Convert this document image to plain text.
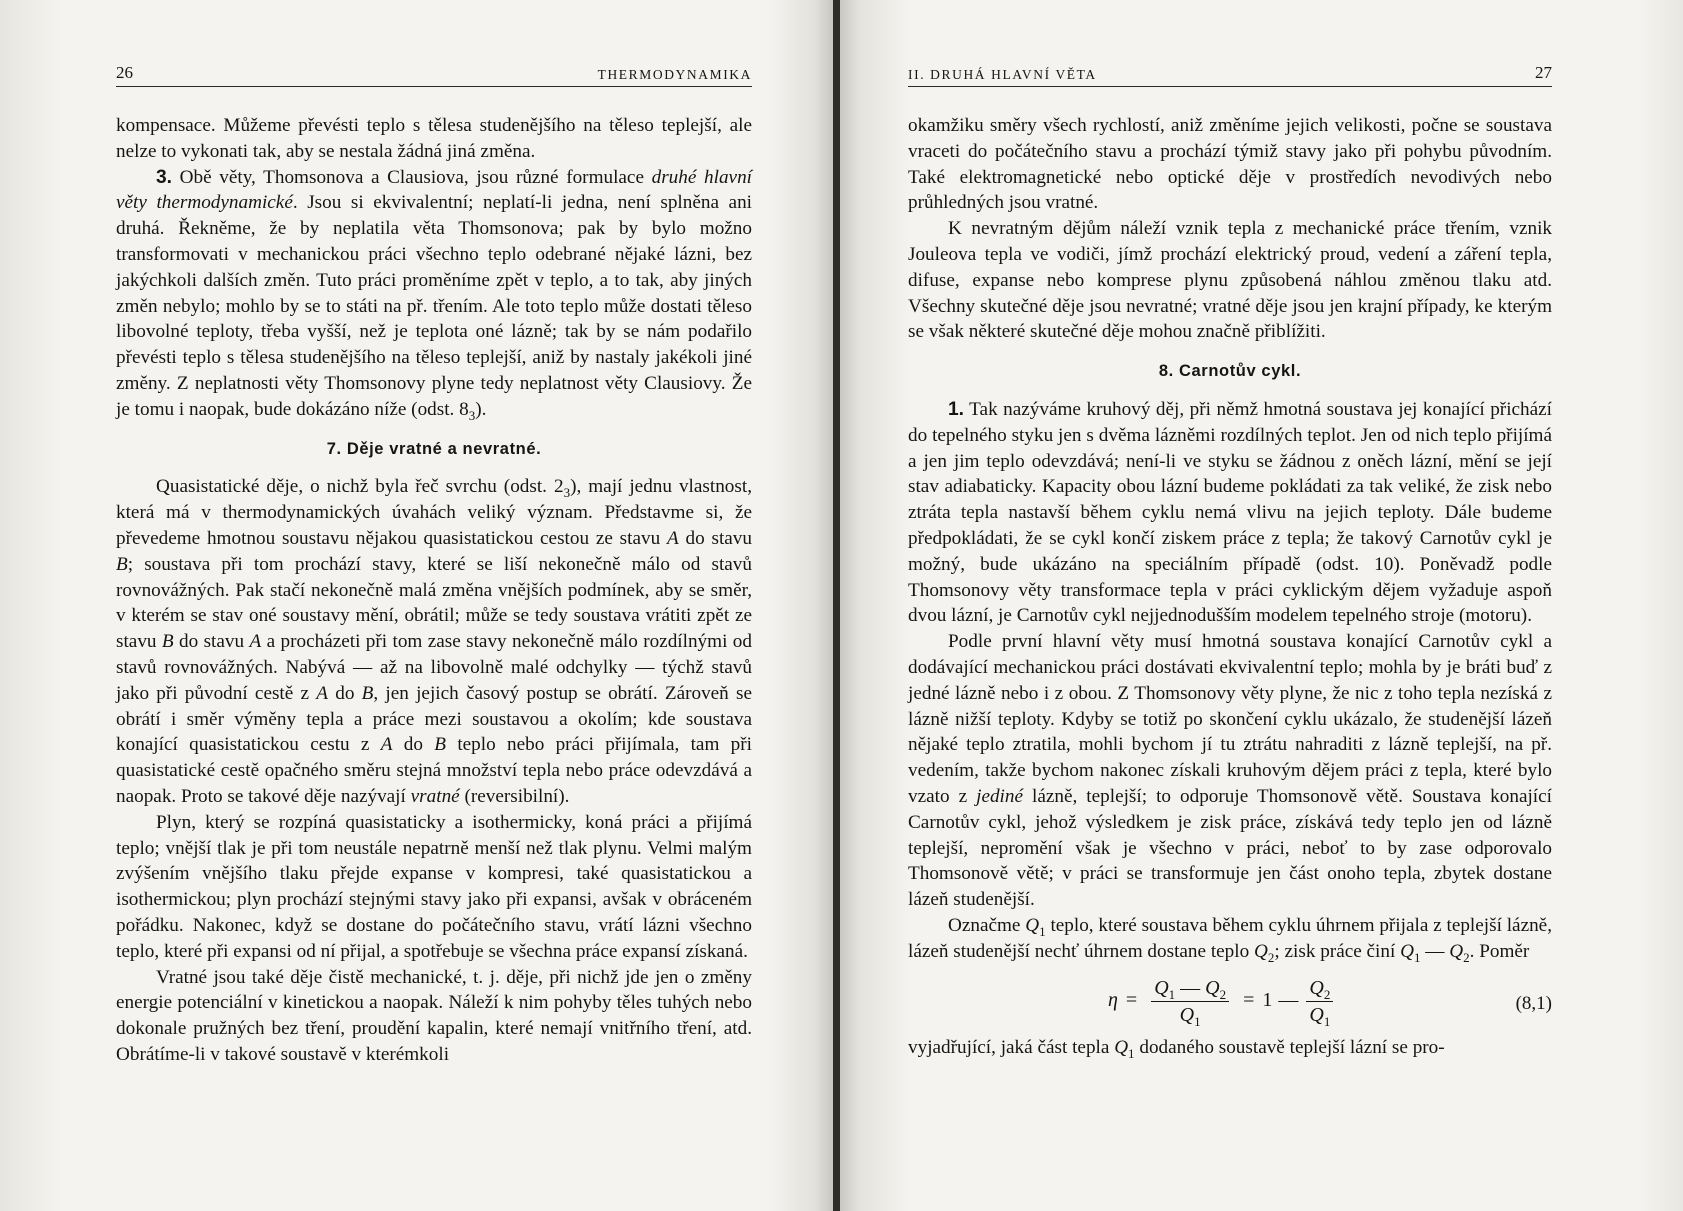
26	THERMODYNAMIKA

kompensace. Můžeme převésti teplo s tělesa studenějšího na těleso teplejší, ale nelze to vykonati tak, aby se nestala žádná jiná změna.

3. Obě věty, Thomsonova a Clausiova, jsou různé formulace druhé hlavní věty thermodynamické. Jsou si ekvivalentní; neplatí-li jedna, není splněna ani druhá. Řekněme, že by neplatila věta Thomsonova; pak by bylo možno transformovati v mechanickou práci všechno teplo odebrané nějaké lázni, bez jakýchkoli dalších změn. Tuto práci proměníme zpět v teplo, a to tak, aby jiných změn nebylo; mohlo by se to státi na př. třením. Ale toto teplo může dostati těleso libovolné teploty, třeba vyšší, než je teplota oné lázně; tak by se nám podařilo převésti teplo s tělesa studenějšího na těleso teplejší, aniž by nastaly jakékoli jiné změny. Z neplatnosti věty Thomsonovy plyne tedy neplatnost věty Clausiovy. Že je tomu i naopak, bude dokázáno níže (odst. $8_3$).

7. Děje vratné a nevratné.

Quasistatické děje, o nichž byla řeč svrchu (odst. $2_3$), mají jednu vlastnost, která má v thermodynamických úvahách veliký význam. Představme si, že převedeme hmotnou soustavu nějakou quasistatickou cestou ze stavu A do stavu B; soustava při tom prochází stavy, které se liší nekonečně málo od stavů rovnovážných. Pak stačí nekonečně malá změna vnějších podmínek, aby se směr, v kterém se stav oné soustavy mění, obrátil; může se tedy soustava vrátiti zpět ze stavu B do stavu A a procházeti při tom zase stavy nekonečně málo rozdílnými od stavů rovnovážných. Nabývá — až na libovolně malé odchylky — týchž stavů jako při původní cestě z A do B, jen jejich časový postup se obrátí. Zároveň se obrátí i směr výměny tepla a práce mezi soustavou a okolím; kde soustava konající quasistatickou cestu z A do B teplo nebo práci přijímala, tam při quasistatické cestě opačného směru stejná množství tepla nebo práce odevzdává a naopak. Proto se takové děje nazývají vratné (reversibilní).

Plyn, který se rozpíná quasistaticky a isothermicky, koná práci a přijímá teplo; vnější tlak je při tom neustále nepatrně menší než tlak plynu. Velmi malým zvýšením vnějšího tlaku přejde expanse v kompresi, také quasistatickou a isothermickou; plyn prochází stejnými stavy jako při expansi, avšak v obráceném pořádku. Nakonec, když se dostane do počátečního stavu, vrátí lázni všechno teplo, které při expansi od ní přijal, a spotřebuje se všechna práce expansí získaná.

Vratné jsou také děje čistě mechanické, t. j. děje, při nichž jde jen o změny energie potenciální v kinetickou a naopak. Náleží k nim pohyby těles tuhých nebo dokonale pružných bez tření, proudění kapalin, které nemají vnitřního tření, atd. Obrátíme-li v takové soustavě v kterémkoli

II. DRUHÁ HLAVNÍ VĚTA	27

okamžiku směry všech rychlostí, aniž změníme jejich velikosti, počne se soustava vraceti do počátečního stavu a prochází týmiž stavy jako při pohybu původním. Také elektromagnetické nebo optické děje v prostředích nevodivých nebo průhledných jsou vratné.

K nevratným dějům náleží vznik tepla z mechanické práce třením, vznik Jouleova tepla ve vodiči, jímž prochází elektrický proud, vedení a záření tepla, difuse, expanse nebo komprese plynu způsobená náhlou změnou tlaku atd. Všechny skutečné děje jsou nevratné; vratné děje jsou jen krajní případy, ke kterým se však některé skutečné děje mohou značně přiblížiti.

8. Carnotův cykl.

1. Tak nazýváme kruhový děj, při němž hmotná soustava jej konající přichází do tepelného styku jen s dvěma lázněmi rozdílných teplot. Jen od nich teplo přijímá a jen jim teplo odevzdává; není-li ve styku se žádnou z oněch lázní, mění se její stav adiabaticky. Kapacity obou lázní budeme pokládati za tak veliké, že zisk nebo ztráta tepla nastavší během cyklu nemá vlivu na jejich teploty. Dále budeme předpokládati, že se cykl končí ziskem práce z tepla; že takový Carnotův cykl je možný, bude ukázáno na speciálním případě (odst. 10). Poněvadž podle Thomsonovy věty transformace tepla v práci cyklickým dějem vyžaduje aspoň dvou lázní, je Carnotův cykl nejjednodušším modelem tepelného stroje (motoru).

Podle první hlavní věty musí hmotná soustava konající Carnotův cykl a dodávající mechanickou práci dostávati ekvivalentní teplo; mohla by je bráti buď z jedné lázně nebo i z obou. Z Thomsonovy věty plyne, že nic z toho tepla nezíská z lázně nižší teploty. Kdyby se totiž po skončení cyklu ukázalo, že studenější lázeň nějaké teplo ztratila, mohli bychom jí tu ztrátu nahraditi z lázně teplejší, na př. vedením, takže bychom nakonec získali kruhovým dějem práci z tepla, které bylo vzato z jediné lázně, teplejší; to odporuje Thomsonově větě. Soustava konající Carnotův cykl, jehož výsledkem je zisk práce, získává tedy teplo jen od lázně teplejší, nepromění však je všechno v práci, neboť to by zase odporovalo Thomsonově větě; v práci se transformuje jen část onoho tepla, zbytek dostane lázeň studenější.

Označme $Q_1$ teplo, které soustava během cyklu úhrnem přijala z teplejší lázně, lázeň studenější nechť úhrnem dostane teplo $Q_2$; zisk práce činí $Q_1$ — $Q_2$. Poměr

$\eta = \frac{Q_1 — Q_2}{Q_1} = 1$ — $\frac{Q_2}{Q_1}$	(8,1)

vyjadřující, jaká část tepla $Q_1$ dodaného soustavě teplejší lázní se pro-
